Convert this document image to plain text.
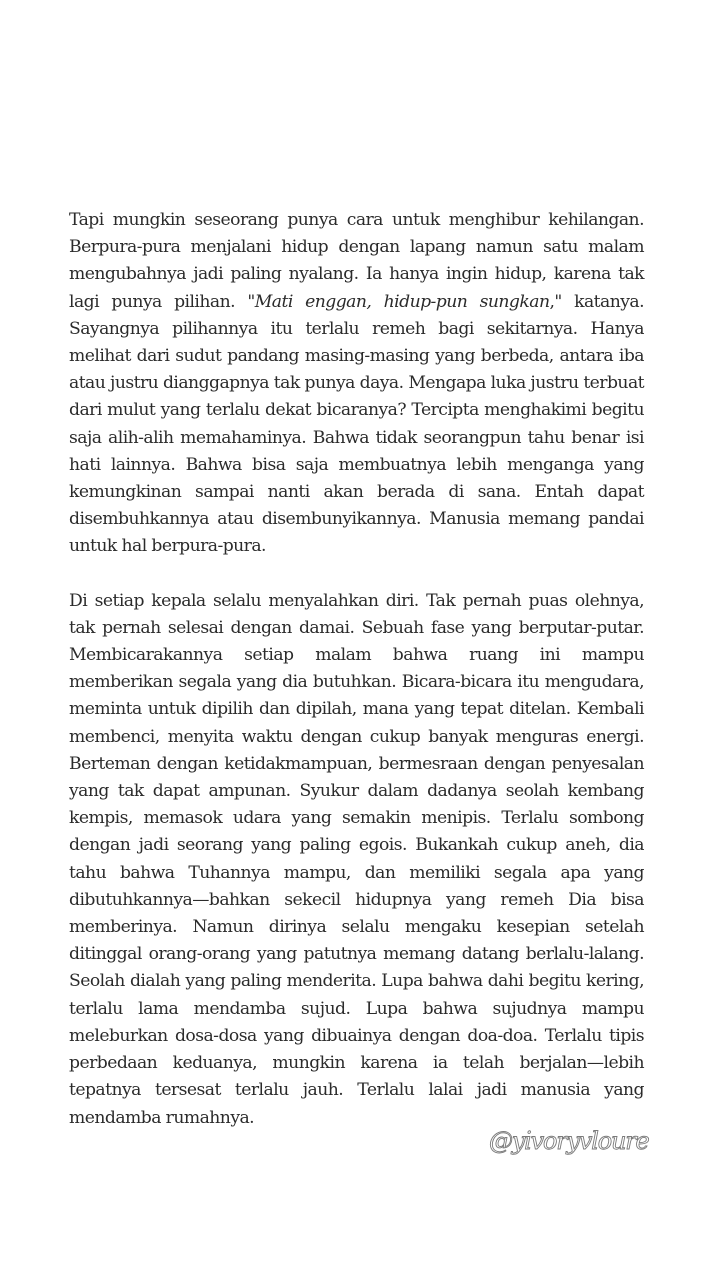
Tapi mungkin seseorang punya cara untuk menghibur kehilangan. Berpura-pura menjalani hidup dengan lapang namun satu malam mengubahnya jadi paling nyalang. Ia hanya ingin hidup, karena tak lagi punya pilihan. "Mati enggan, hidup-pun sungkan," katanya. Sayangnya pilihannya itu terlalu remeh bagi sekitarnya. Hanya melihat dari sudut pandang masing-masing yang berbeda, antara iba atau justru dianggapnya tak punya daya. Mengapa luka justru terbuat dari mulut yang terlalu dekat bicaranya? Tercipta menghakimi begitu saja alih-alih memahaminya. Bahwa tidak seorangpun tahu benar isi hati lainnya. Bahwa bisa saja membuatnya lebih menganga yang kemungkinan sampai nanti akan berada di sana. Entah dapat disembuhkannya atau disembunyikannya. Manusia memang pandai untuk hal berpura-pura.

Di setiap kepala selalu menyalahkan diri. Tak pernah puas olehnya, tak pernah selesai dengan damai. Sebuah fase yang berputar-putar. Membicarakannya setiap malam bahwa ruang ini mampu memberikan segala yang dia butuhkan. Bicara-bicara itu mengudara, meminta untuk dipilih dan dipilah, mana yang tepat ditelan. Kembali membenci, menyita waktu dengan cukup banyak menguras energi. Berteman dengan ketidakmampuan, bermesraan dengan penyesalan yang tak dapat ampunan. Syukur dalam dadanya seolah kembang kempis, memasok udara yang semakin menipis. Terlalu sombong dengan jadi seorang yang paling egois. Bukankah cukup aneh, dia tahu bahwa Tuhannya mampu, dan memiliki segala apa yang dibutuhkannya—bahkan sekecil hidupnya yang remeh Dia bisa memberinya. Namun dirinya selalu mengaku kesepian setelah ditinggal orang-orang yang patutnya memang datang berlalu-lalang. Seolah dialah yang paling menderita. Lupa bahwa dahi begitu kering, terlalu lama mendamba sujud. Lupa bahwa sujudnya mampu meleburkan dosa-dosa yang dibuainya dengan doa-doa. Terlalu tipis perbedaan keduanya, mungkin karena ia telah berjalan—lebih tepatnya tersesat terlalu jauh. Terlalu lalai jadi manusia yang mendamba rumahnya.

@yivoryvloure
